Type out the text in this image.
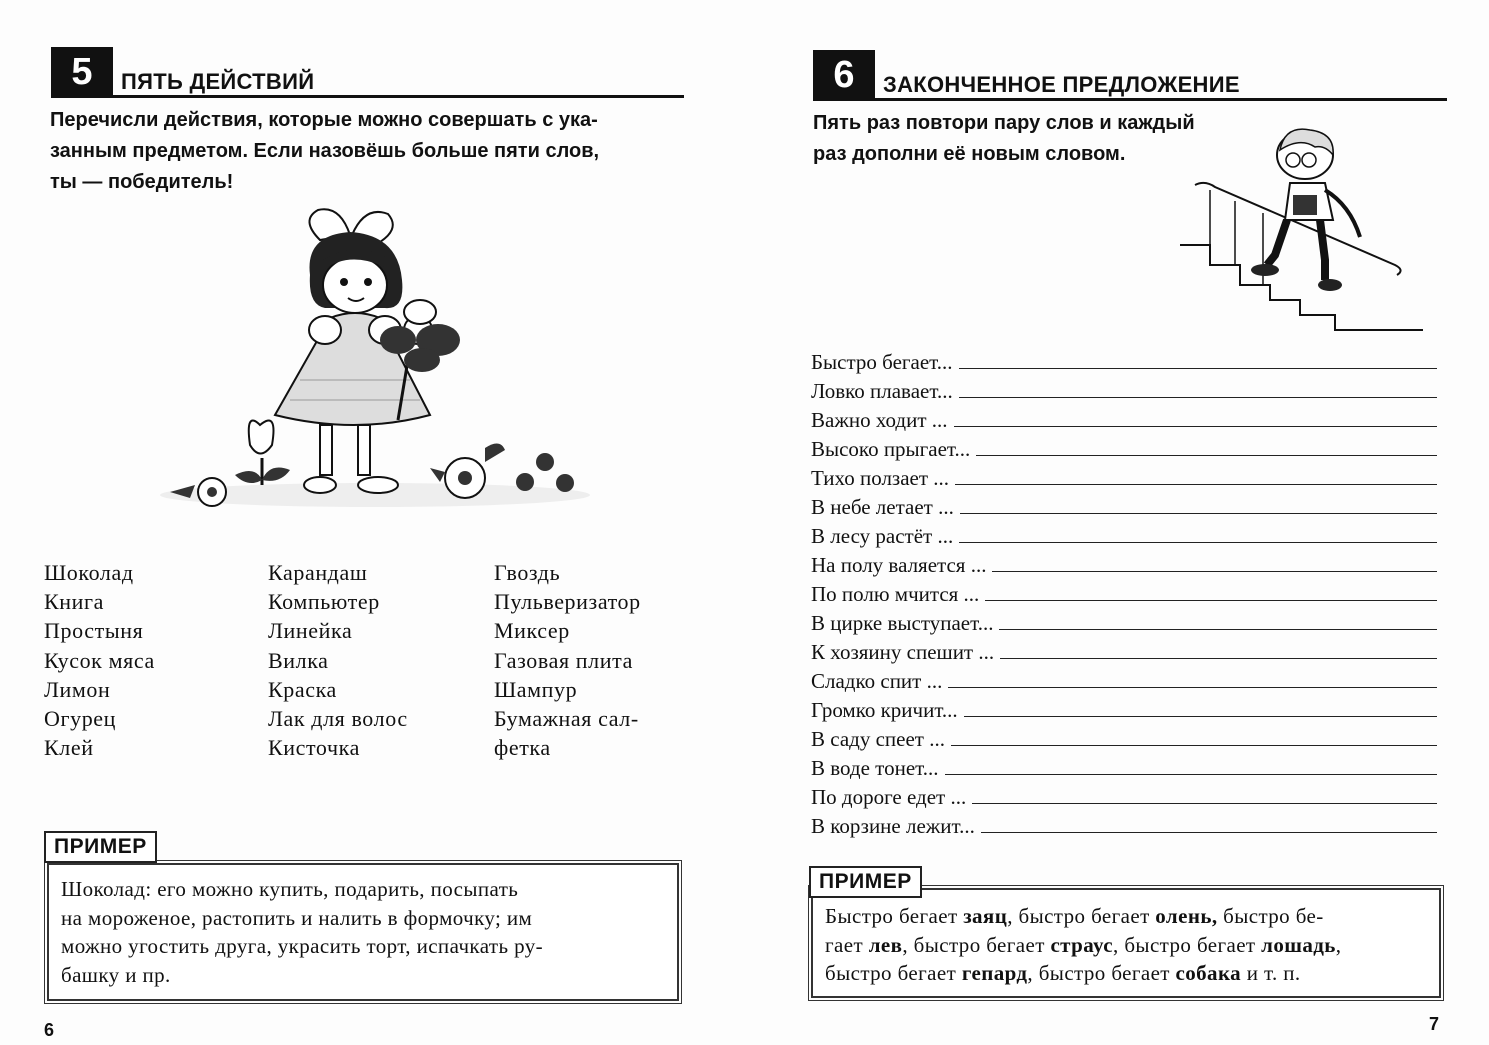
5	ПЯТЬ ДЕЙСТВИЙ
Перечисли действия, которые можно совершать с ука-
занным предметом. Если назовёшь больше пяти слов,
ты — победитель!
Шоколад
Книга
Простыня
Кусок мяса
Лимон
Огурец
Клей
Карандаш
Компьютер
Линейка
Вилка
Краска
Лак для волос
Кисточка
Гвоздь
Пульверизатор
Миксер
Газовая плита
Шампур
Бумажная сал-
фетка
ПРИМЕР
Шоколад: его можно купить, подарить, посыпать
на мороженое, растопить и налить в формочку; им
можно угостить друга, украсить торт, испачкать ру-
башку и пр.
6
6	ЗАКОНЧЕННОЕ ПРЕДЛОЖЕНИЕ
Пять раз повтори пару слов и каждый
раз дополни её новым словом.
Быстро бегает...
Ловко плавает...
Важно ходит ...
Высоко прыгает...
Тихо ползает ...
В небе летает ...
В лесу растёт ...
На полу валяется ...
По полю мчится ...
В цирке выступает...
К хозяину спешит ...
Сладко спит ...
Громко кричит...
В саду спеет ...
В воде тонет...
По дороге едет ...
В корзине лежит...
ПРИМЕР
Быстро бегает заяц, быстро бегает олень, быстро бе-
гает лев, быстро бегает страус, быстро бегает лошадь,
быстро бегает гепард, быстро бегает собака и т. п.
7
